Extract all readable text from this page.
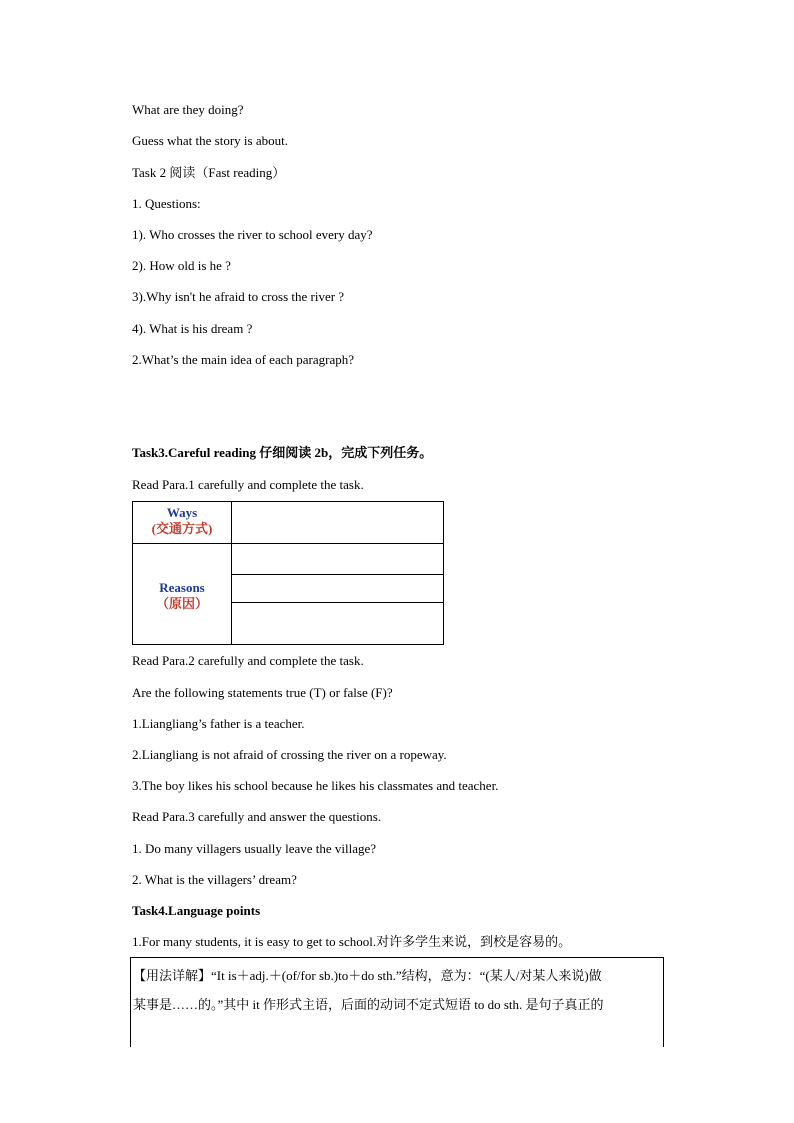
What are they doing?
Guess what the story is about.
Task 2 阅读（Fast reading）
1. Questions:
1). Who crosses the river to school every day?
2). How old is he ?
3).Why isn't he afraid to cross the river ?
4). What is his dream ?
2.What’s the main idea of each paragraph?
Task3.Careful reading 仔细阅读 2b，完成下列任务。
Read Para.1 carefully and complete the task.
Ways
(交通方式)
Reasons
（原因）
Read Para.2 carefully and complete the task.
Are the following statements true (T) or false (F)?
1.Liangliang’s father is a teacher.
2.Liangliang is not afraid of crossing the river on a ropeway.
3.The boy likes his school because he likes his classmates and teacher.
Read Para.3 carefully and answer the questions.
1. Do many villagers usually leave the village?
2. What is the villagers’ dream?
Task4.Language points
1.For many students, it is easy to get to school.对许多学生来说，到校是容易的。
【用法详解】“It is＋adj.＋(of/for sb.)to＋do sth.”结构，意为：“(某人/对某人来说)做
某事是……的。”其中 it 作形式主语，后面的动词不定式短语 to do sth. 是句子真正的
